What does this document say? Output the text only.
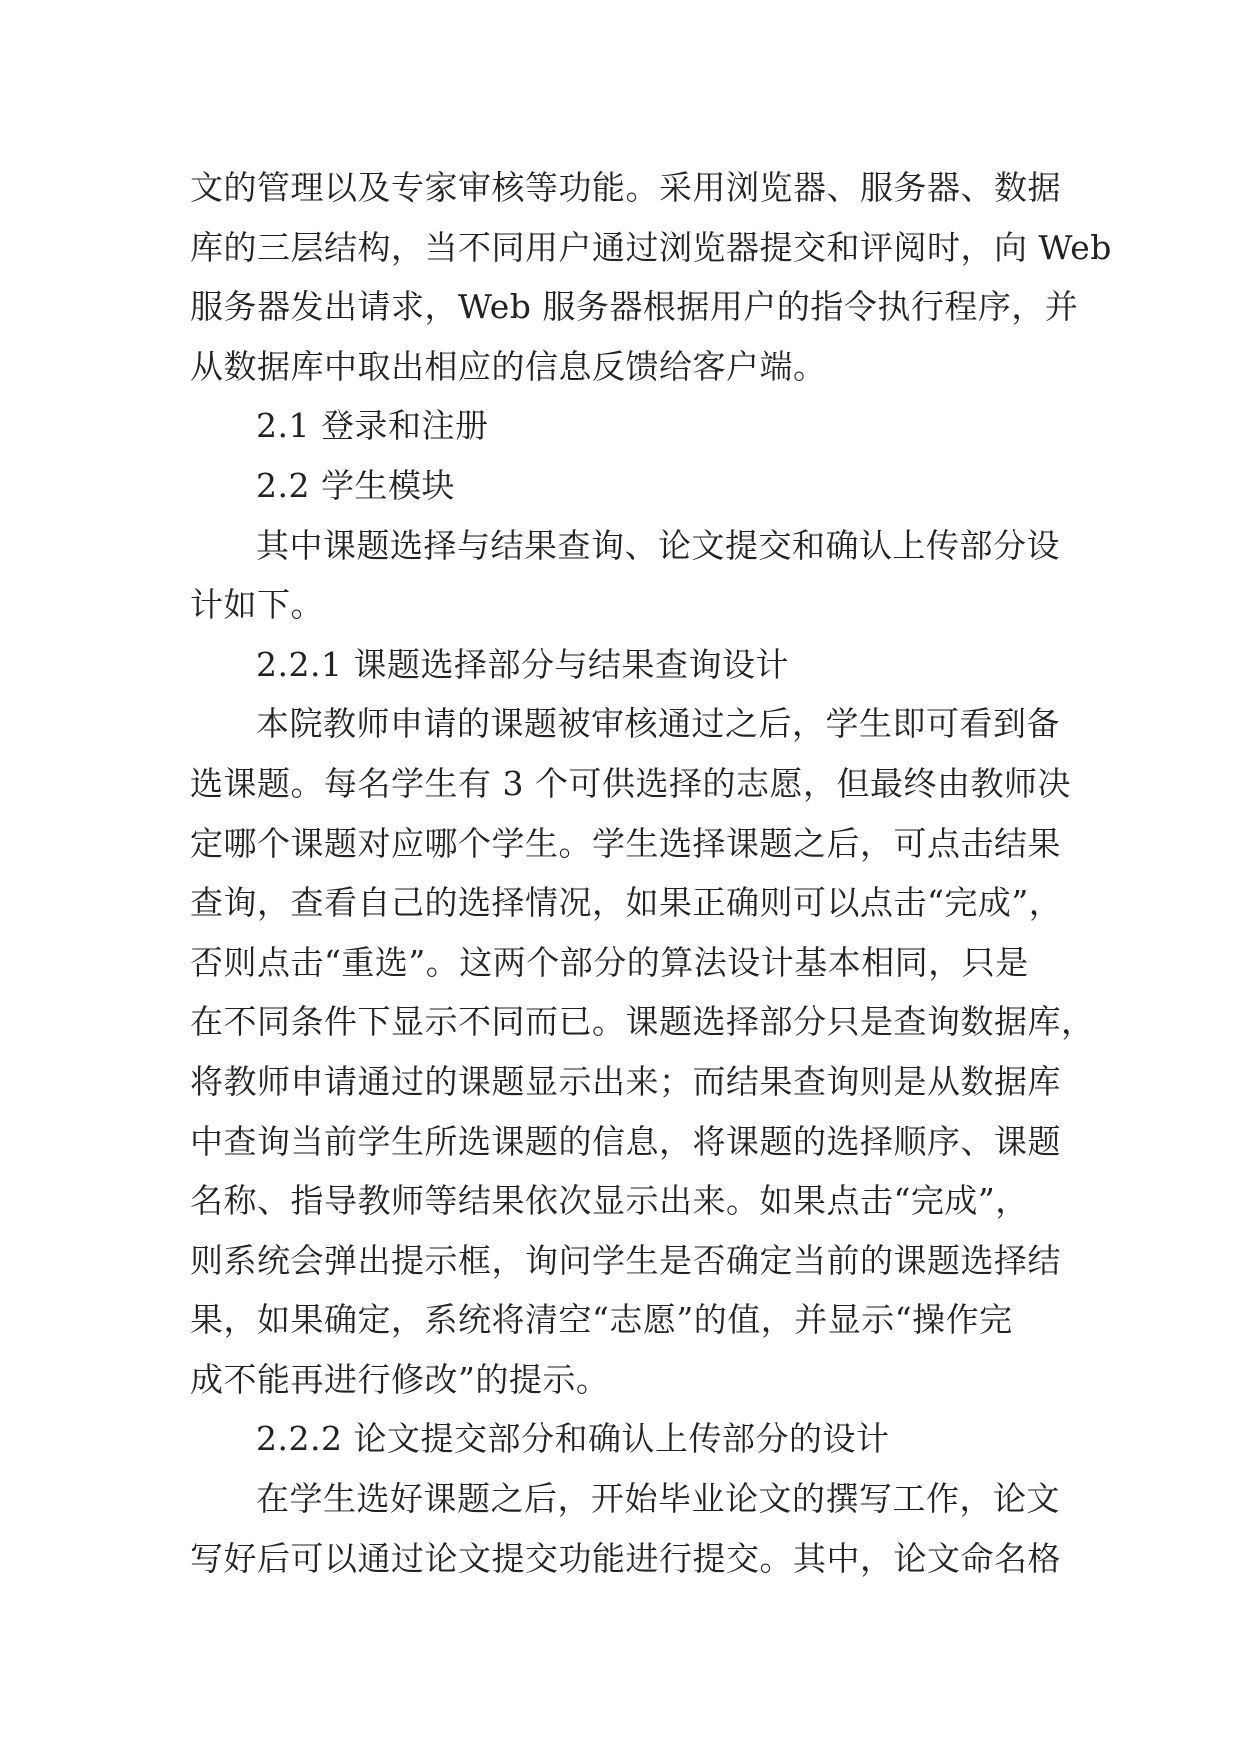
文的管理以及专家审核等功能。采用浏览器、服务器、数据
库的三层结构，当不同用户通过浏览器提交和评阅时，向 Web
服务器发出请求，Web 服务器根据用户的指令执行程序，并
从数据库中取出相应的信息反馈给客户端。
2.1 登录和注册
2.2 学生模块
其中课题选择与结果查询、论文提交和确认上传部分设
计如下。
2.2.1 课题选择部分与结果查询设计
本院教师申请的课题被审核通过之后，学生即可看到备
选课题。每名学生有 3 个可供选择的志愿，但最终由教师决
定哪个课题对应哪个学生。学生选择课题之后，可点击结果
查询，查看自己的选择情况，如果正确则可以点击“完成”，
否则点击“重选”。这两个部分的算法设计基本相同，只是
在不同条件下显示不同而已。课题选择部分只是查询数据库，
将教师申请通过的课题显示出来；而结果查询则是从数据库
中查询当前学生所选课题的信息，将课题的选择顺序、课题
名称、指导教师等结果依次显示出来。如果点击“完成”，
则系统会弹出提示框，询问学生是否确定当前的课题选择结
果，如果确定，系统将清空“志愿”的值，并显示“操作完
成不能再进行修改”的提示。
2.2.2 论文提交部分和确认上传部分的设计
在学生选好课题之后，开始毕业论文的撰写工作，论文
写好后可以通过论文提交功能进行提交。其中，论文命名格
